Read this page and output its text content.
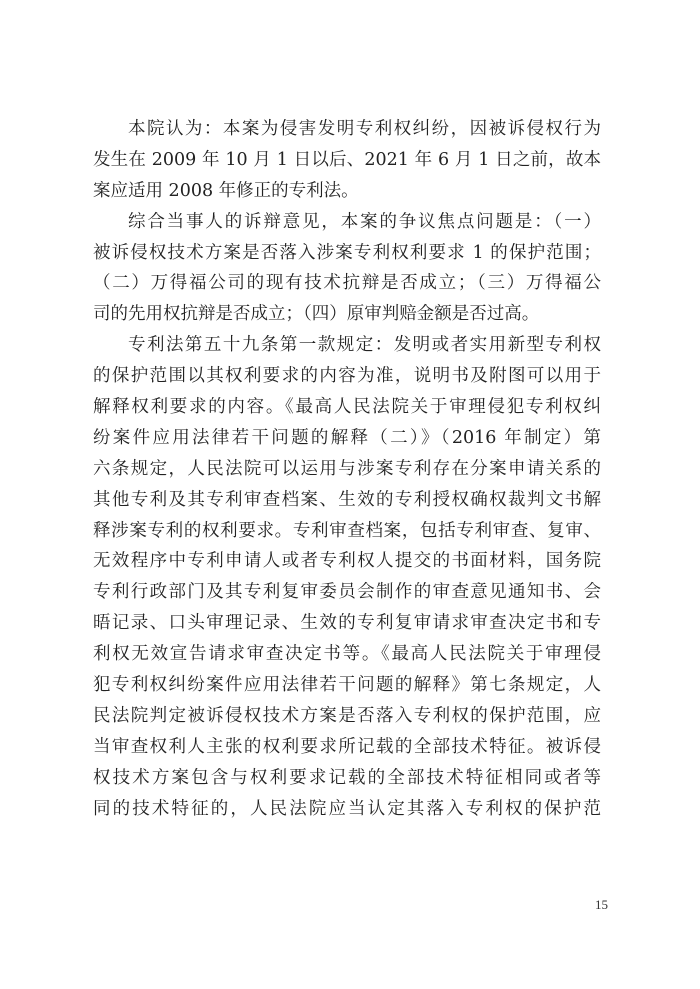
本院认为：本案为侵害发明专利权纠纷，因被诉侵权行为
发生在 2009 年 10 月 1 日以后、2021 年 6 月 1 日之前，故本
案应适用 2008 年修正的专利法。
综合当事人的诉辩意见，本案的争议焦点问题是：（一）
被诉侵权技术方案是否落入涉案专利权利要求 1 的保护范围；
（二）万得福公司的现有技术抗辩是否成立；（三）万得福公
司的先用权抗辩是否成立；（四）原审判赔金额是否过高。
专利法第五十九条第一款规定：发明或者实用新型专利权
的保护范围以其权利要求的内容为准，说明书及附图可以用于
解释权利要求的内容。《最高人民法院关于审理侵犯专利权纠
纷案件应用法律若干问题的解释（二）》（2016 年制定）第
六条规定，人民法院可以运用与涉案专利存在分案申请关系的
其他专利及其专利审查档案、生效的专利授权确权裁判文书解
释涉案专利的权利要求。专利审查档案，包括专利审查、复审、
无效程序中专利申请人或者专利权人提交的书面材料，国务院
专利行政部门及其专利复审委员会制作的审查意见通知书、会
晤记录、口头审理记录、生效的专利复审请求审查决定书和专
利权无效宣告请求审查决定书等。《最高人民法院关于审理侵
犯专利权纠纷案件应用法律若干问题的解释》第七条规定，人
民法院判定被诉侵权技术方案是否落入专利权的保护范围，应
当审查权利人主张的权利要求所记载的全部技术特征。被诉侵
权技术方案包含与权利要求记载的全部技术特征相同或者等
同的技术特征的，人民法院应当认定其落入专利权的保护范
15
